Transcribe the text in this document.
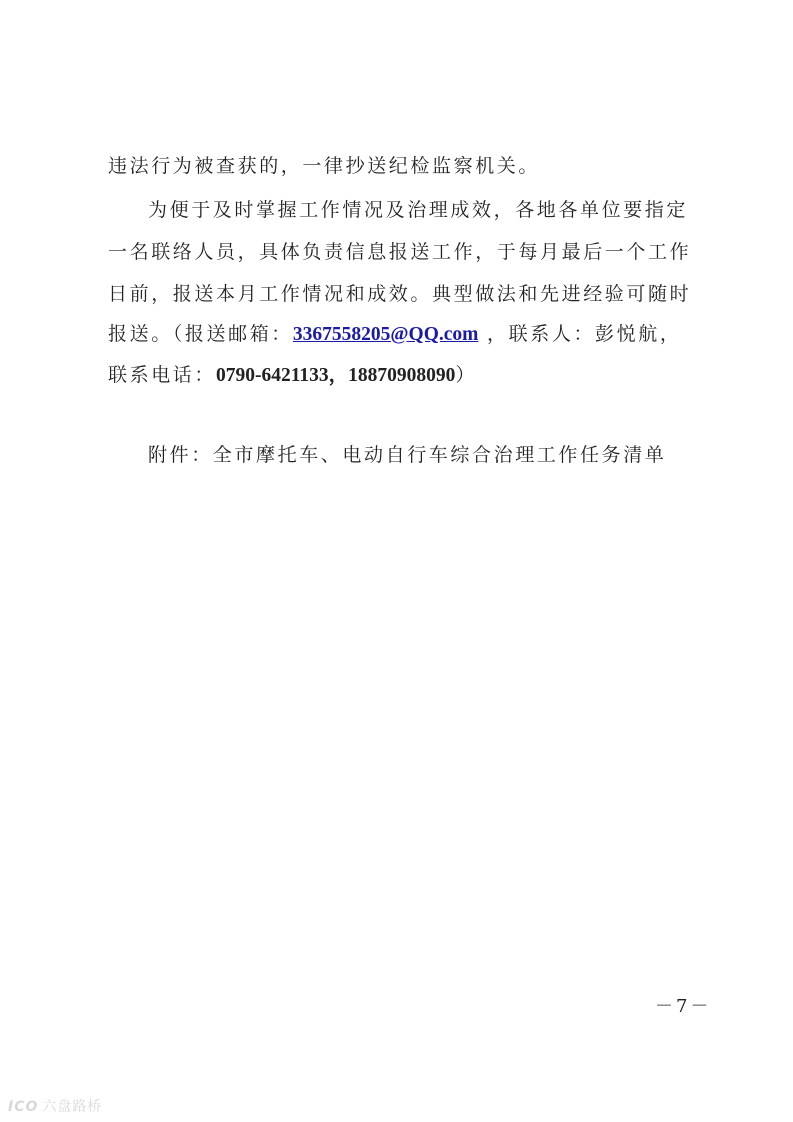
违法行为被查获的，一律抄送纪检监察机关。
为便于及时掌握工作情况及治理成效，各地各单位要指定
一名联络人员，具体负责信息报送工作，于每月最后一个工作
日前，报送本月工作情况和成效。典型做法和先进经验可随时
报送。（报送邮箱：3367558205@QQ.com ，联系人：彭悦航，
联系电话：0790-6421133，18870908090）
附件：全市摩托车、电动自行车综合治理工作任务清单
－7－
ICO 六盘路桥
